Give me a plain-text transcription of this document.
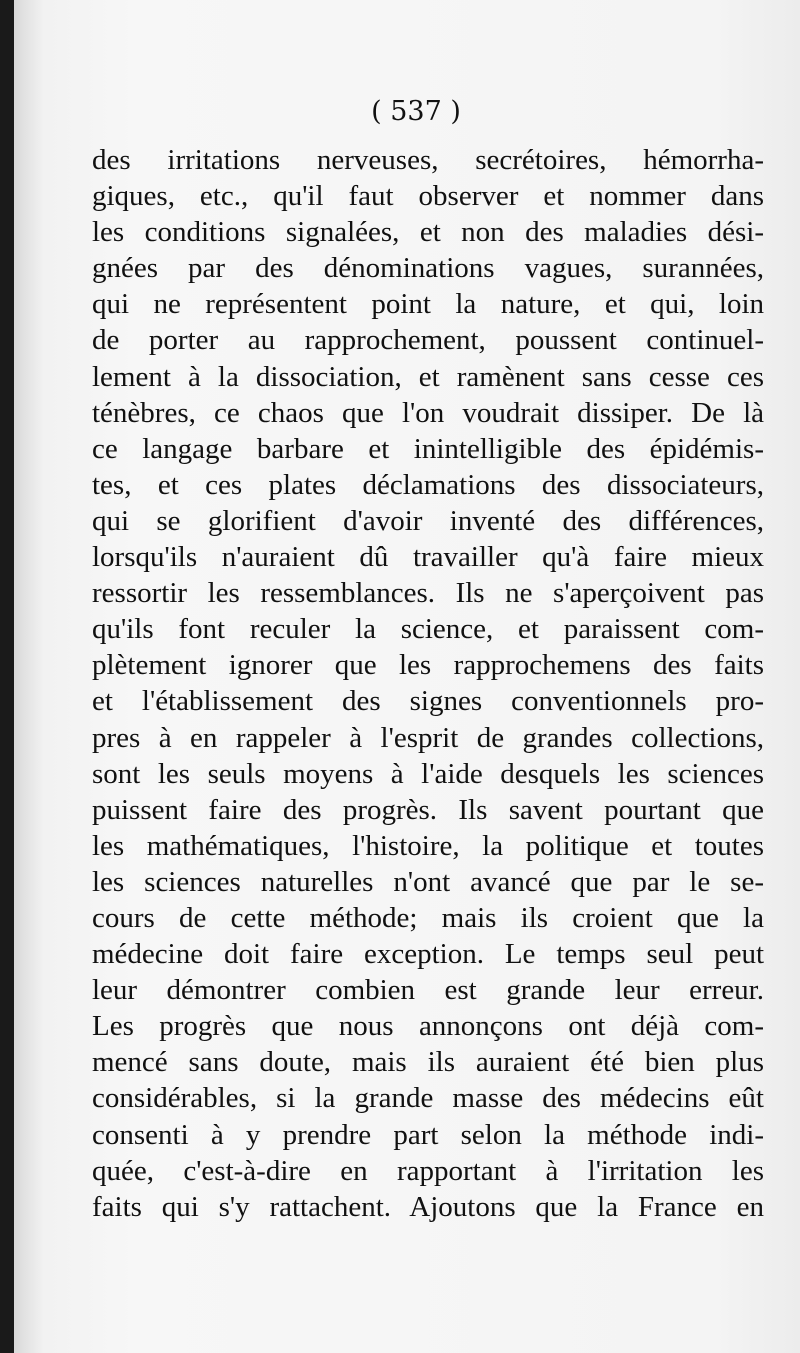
( 537 )
des irritations nerveuses, secrétoires, hémorrha-
giques, etc., qu'il faut observer et nommer dans
les conditions signalées, et non des maladies dési-
gnées par des dénominations vagues, surannées,
qui ne représentent point la nature, et qui, loin
de porter au rapprochement, poussent continuel-
lement à la dissociation, et ramènent sans cesse ces
ténèbres, ce chaos que l'on voudrait dissiper. De là
ce langage barbare et inintelligible des épidémis-
tes, et ces plates déclamations des dissociateurs,
qui se glorifient d'avoir inventé des différences,
lorsqu'ils n'auraient dû travailler qu'à faire mieux
ressortir les ressemblances. Ils ne s'aperçoivent pas
qu'ils font reculer la science, et paraissent com-
plètement ignorer que les rapprochemens des faits
et l'établissement des signes conventionnels pro-
pres à en rappeler à l'esprit de grandes collections,
sont les seuls moyens à l'aide desquels les sciences
puissent faire des progrès. Ils savent pourtant que
les mathématiques, l'histoire, la politique et toutes
les sciences naturelles n'ont avancé que par le se-
cours de cette méthode; mais ils croient que la
médecine doit faire exception. Le temps seul peut
leur démontrer combien est grande leur erreur.
Les progrès que nous annonçons ont déjà com-
mencé sans doute, mais ils auraient été bien plus
considérables, si la grande masse des médecins eût
consenti à y prendre part selon la méthode indi-
quée, c'est-à-dire en rapportant à l'irritation les
faits qui s'y rattachent. Ajoutons que la France en
